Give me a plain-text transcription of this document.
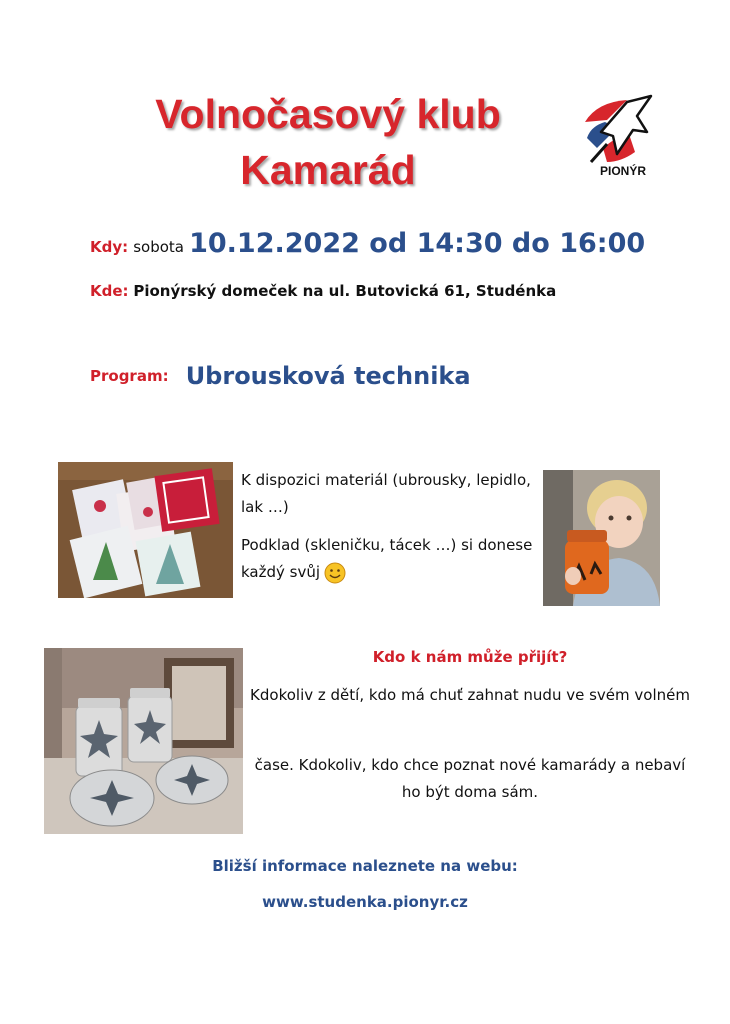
Volnočasový klub
Kamarád	PIONÝR
Kdy: sobota 10.12.2022 od 14:30 do 16:00
Kde: Pionýrský domeček na ul. Butovická 61, Studénka
Program: Ubrousková technika
K dispozici materiál (ubrousky, lepidlo, lak …)
Podklad (skleničku, tácek …) si donese každý svůj
Kdo k nám může přijít?
Kdokoliv z dětí, kdo má chuť zahnat nudu ve svém volném
čase. Kdokoliv, kdo chce poznat nové kamarády a nebaví ho být doma sám.
Bližší informace naleznete na webu:
www.studenka.pionyr.cz
